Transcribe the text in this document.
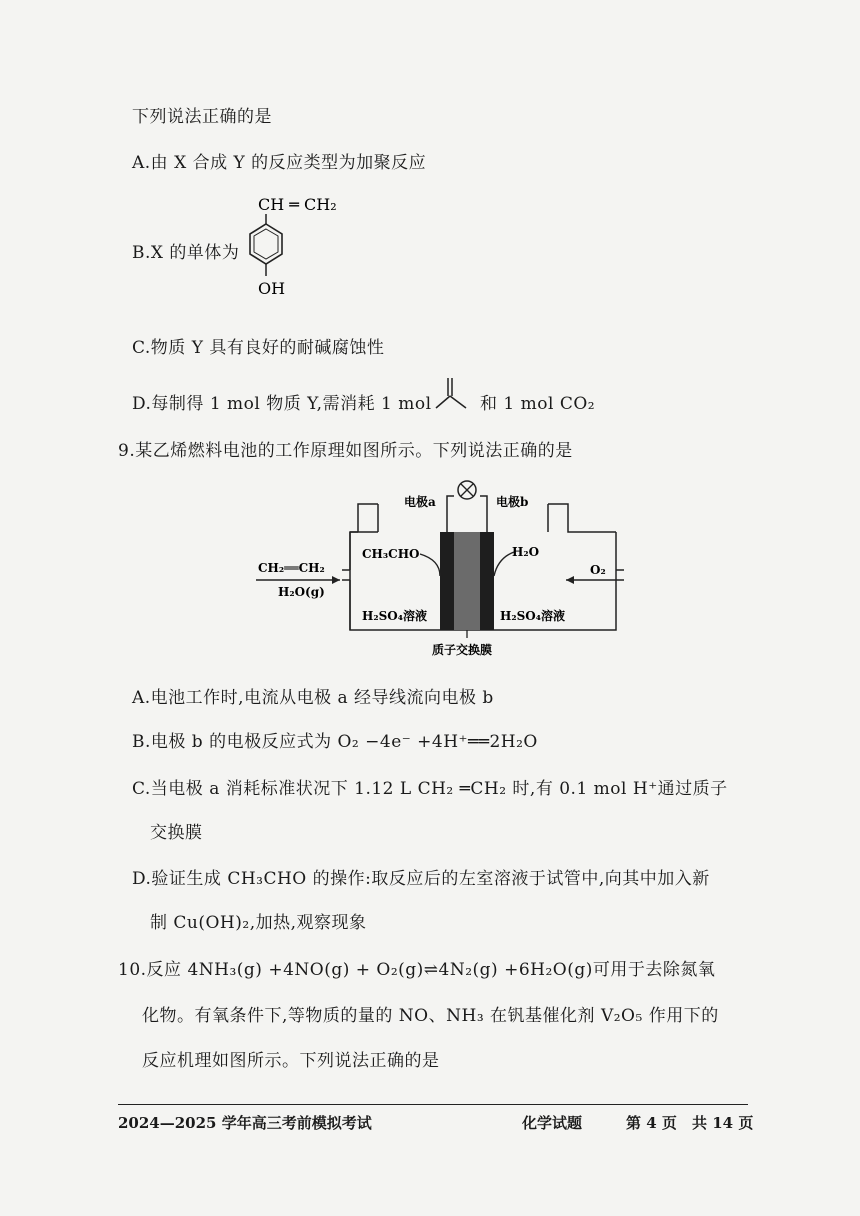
下列说法正确的是
A.由 X 合成 Y 的反应类型为加聚反应
B.X 的单体为
CH ═ CH₂
OH
C.物质 Y 具有良好的耐碱腐蚀性
D.每制得 1 mol 物质 Y,需消耗 1 mol	和 1 mol CO₂
9.某乙烯燃料电池的工作原理如图所示。下列说法正确的是
电极a	电极b
CH₃CHO	H₂O
CH₂══CH₂
H₂O(g)
O₂
H₂SO₄溶液	H₂SO₄溶液
质子交换膜
A.电池工作时,电流从电极 a 经导线流向电极 b
B.电极 b 的电极反应式为 O₂ −4e⁻ +4H⁺══2H₂O
C.当电极 a 消耗标准状况下 1.12 L CH₂ ═CH₂ 时,有 0.1 mol H⁺通过质子
交换膜
D.验证生成 CH₃CHO 的操作:取反应后的左室溶液于试管中,向其中加入新
制 Cu(OH)₂,加热,观察现象
10.反应 4NH₃(g) +4NO(g) + O₂(g)⇌4N₂(g) +6H₂O(g)可用于去除氮氧
化物。有氧条件下,等物质的量的 NO、NH₃ 在钒基催化剂 V₂O₅ 作用下的
反应机理如图所示。下列说法正确的是
2024—2025 学年高三考前模拟考试	化学试题	第 4 页 共 14 页
